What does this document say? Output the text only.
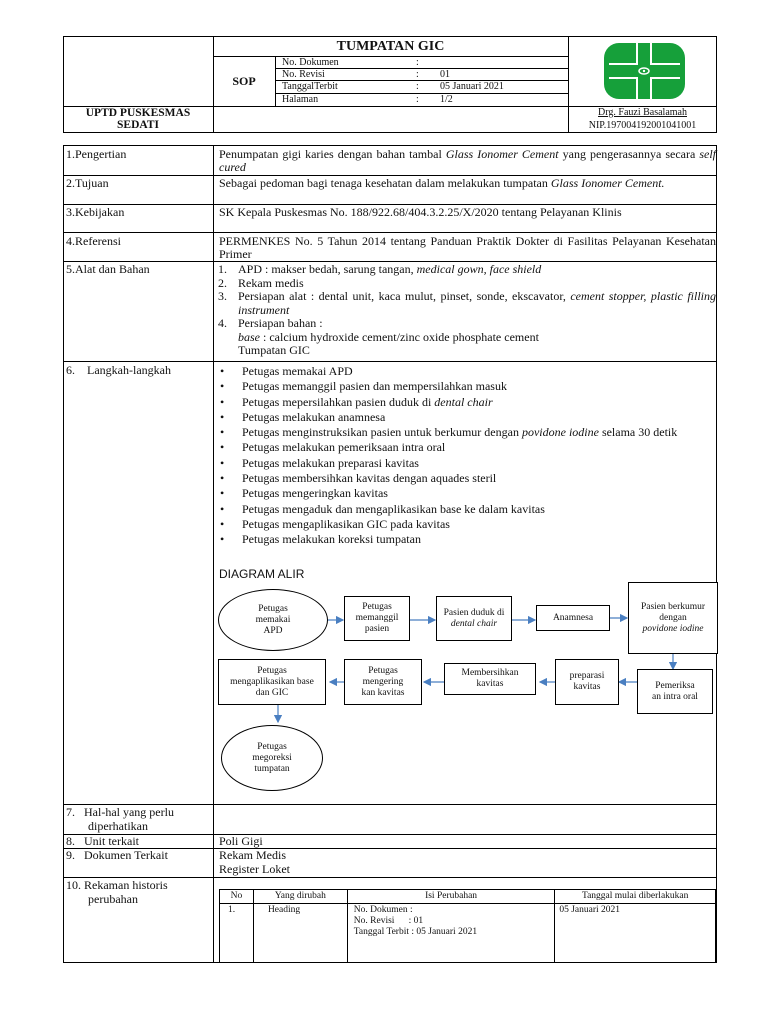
TUMPATAN GIC
SOP
No. Dokumen	:
No. Revisi	: 01
TanggalTerbit	: 05 Januari 2021
Halaman	: 1/2
UPTD PUSKESMAS
SEDATI
Drg. Fauzi Basalamah
NIP.197004192001041001
1.Pengertian	Penumpatan gigi karies dengan bahan tambal Glass Ionomer Cement yang pengerasannya secara self cured
2.Tujuan	Sebagai pedoman bagi tenaga kesehatan dalam melakukan tumpatan Glass Ionomer Cement.
3.Kebijakan	SK Kepala Puskesmas No. 188/922.68/404.3.2.25/X/2020 tentang Pelayanan Klinis
4.Referensi	PERMENKES No. 5 Tahun 2014 tentang Panduan Praktik Dokter di Fasilitas Pelayanan Kesehatan Primer
5.Alat dan Bahan	1. APD : makser bedah, sarung tangan, medical gown, face shield
2. Rekam medis
3. Persiapan alat : dental unit, kaca mulut, pinset, sonde, ekscavator, cement stopper, plastic filling instrument
4. Persiapan bahan :
base : calcium hydroxide cement/zinc oxide phosphate cement
Tumpatan GIC
6.    Langkah-langkah	• Petugas memakai APD
• Petugas memanggil pasien dan mempersilahkan masuk
• Petugas mepersilahkan pasien duduk di dental chair
• Petugas melakukan anamnesa
• Petugas menginstruksikan pasien untuk berkumur dengan povidone iodine selama 30 detik
• Petugas melakukan pemeriksaan intra oral
• Petugas melakukan preparasi kavitas
• Petugas membersihkan kavitas dengan aquades steril
• Petugas mengeringkan kavitas
• Petugas mengaduk dan mengaplikasikan base ke dalam kavitas
• Petugas mengaplikasikan GIC pada kavitas
• Petugas melakukan koreksi tumpatan
DIAGRAM ALIR
Petugas memakai APD
Petugas memanggil pasien
Pasien duduk di
dental chair
Anamnesa
Pasien berkumur dengan
povidone iodine
Pemeriksa an intra oral
preparasi kavitas
Membersihkan kavitas
Petugas mengering kan kavitas
Petugas mengaplikasikan base dan GIC
Petugas megoreksi tumpatan
7.   Hal-hal yang perlu
diperhatikan
8.   Unit terkait	Poli Gigi
9.   Dokumen Terkait	Rekam Medis
Register Loket
10. Rekaman historis
perubahan	No	Yang dirubah	Isi Perubahan	Tanggal mulai diberlakukan
1.	Heading	No. Dokumen :
No. Revisi      : 01
Tanggal Terbit : 05 Januari 2021	05 Januari 2021
